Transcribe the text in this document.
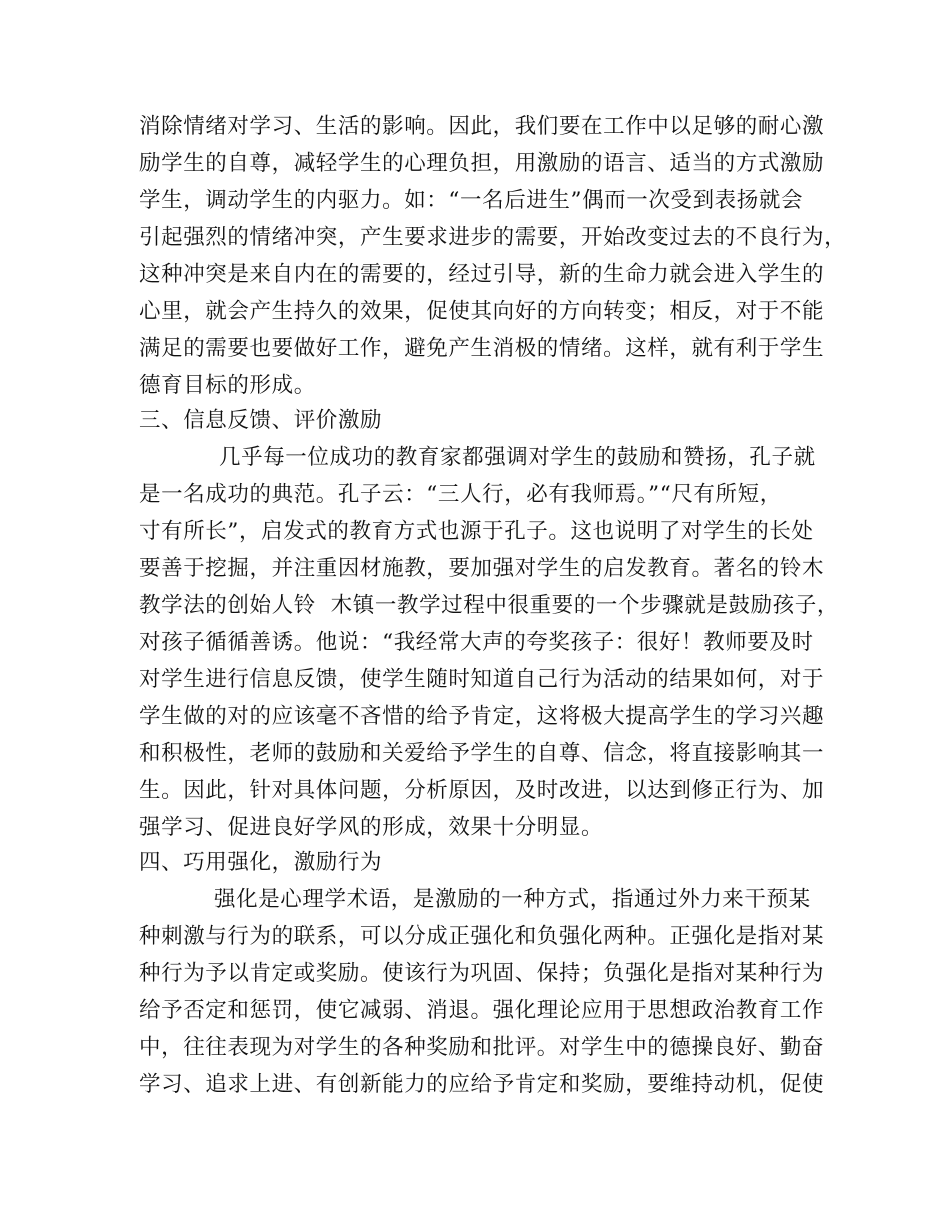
消除情绪对学习、生活的影响。因此，我们要在工作中以足够的耐心激
励学生的自尊，减轻学生的心理负担，用激励的语言、适当的方式激励
学生，调动学生的内驱力。如：“一名后进生”偶而一次受到表扬就会
引起强烈的情绪冲突，产生要求进步的需要，开始改变过去的不良行为，
这种冲突是来自内在的需要的，经过引导，新的生命力就会进入学生的
心里，就会产生持久的效果，促使其向好的方向转变；相反，对于不能
满足的需要也要做好工作，避免产生消极的情绪。这样，就有利于学生
德育目标的形成。
三、信息反馈、评价激励
几乎每一位成功的教育家都强调对学生的鼓励和赞扬，孔子就
是一名成功的典范。孔子云：“三人行，必有我师焉。”“尺有所短，
寸有所长”，启发式的教育方式也源于孔子。这也说明了对学生的长处
要善于挖掘，并注重因材施教，要加强对学生的启发教育。著名的铃木
教学法的创始人铃  木镇一教学过程中很重要的一个步骤就是鼓励孩子，
对孩子循循善诱。他说：“我经常大声的夸奖孩子：很好！教师要及时
对学生进行信息反馈，使学生随时知道自己行为活动的结果如何，对于
学生做的对的应该毫不吝惜的给予肯定，这将极大提高学生的学习兴趣
和积极性，老师的鼓励和关爱给予学生的自尊、信念，将直接影响其一
生。因此，针对具体问题，分析原因，及时改进，以达到修正行为、加
强学习、促进良好学风的形成，效果十分明显。
四、巧用强化，激励行为
强化是心理学术语，是激励的一种方式，指通过外力来干预某
种刺激与行为的联系，可以分成正强化和负强化两种。正强化是指对某
种行为予以肯定或奖励。使该行为巩固、保持；负强化是指对某种行为
给予否定和惩罚，使它减弱、消退。强化理论应用于思想政治教育工作
中，往往表现为对学生的各种奖励和批评。对学生中的德操良好、勤奋
学习、追求上进、有创新能力的应给予肯定和奖励，要维持动机，促使
